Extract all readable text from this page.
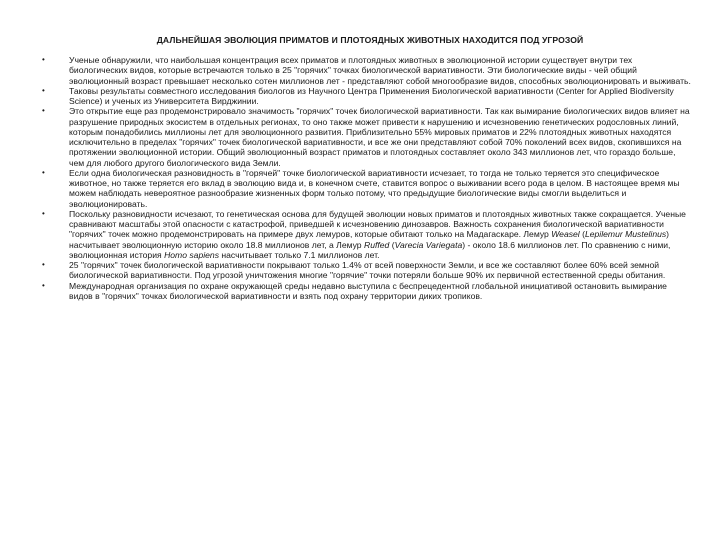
ДАЛЬНЕЙШАЯ ЭВОЛЮЦИЯ ПРИМАТОВ И ПЛОТОЯДНЫХ ЖИВОТНЫХ НАХОДИТСЯ ПОД УГРОЗОЙ
•	Ученые обнаружили, что наибольшая концентрация всех приматов и плотоядных животных в эволюционной истории существует внутри тех биологических видов, которые встречаются только в 25 "горячих" точках биологической вариативности. Эти биологические виды - чей общий эволюционный возраст превышает несколько сотен миллионов лет - представляют собой многообразие видов, способных эволюционировать и выживать.

•	Таковы результаты совместного исследования биологов из Научного Центра Применения Биологической вариативности (Center for Applied Biodiversity Science) и ученых из Университета Вирджинии.

•	Это открытие еще раз продемонстрировало значимость "горячих" точек биологической вариативности. Так как вымирание биологических видов влияет на разрушение природных экосистем в отдельных регионах, то оно также может привести к нарушению и исчезновению генетических родословных линий, которым понадобились миллионы лет для эволюционного развития. Приблизительно 55% мировых приматов и 22% плотоядных животных находятся исключительно в пределах "горячих" точек биологической вариативности, и все же они представляют собой 70% поколений всех видов, скопившихся на протяжении эволюционной истории. Общий эволюционный возраст приматов и плотоядных составляет около 343 миллионов лет, что гораздо больше, чем для любого другого биологического вида Земли.

•	Если одна биологическая разновидность в "горячей" точке биологической вариативности исчезает, то тогда не только теряется это специфическое животное, но также теряется его вклад в эволюцию вида и, в конечном счете, ставится вопрос о выживании всего рода в целом. В настоящее время мы можем наблюдать невероятное разнообразие жизненных форм только потому, что предыдущие биологические виды смогли выделиться и эволюционировать.

•	Поскольку разновидности исчезают, то генетическая основа для будущей эволюции новых приматов и плотоядных животных также сокращается. Ученые сравнивают масштабы этой опасности с катастрофой, приведшей к исчезновению динозавров. Важность сохранения биологической вариативности "горячих" точек можно продемонстрировать на примере двух лемуров, которые обитают только на Мадагаскаре. Лемур Weasel (Lepilemur Mustelinus) насчитывает эволюционную историю около 18.8 миллионов лет, а Лемур Ruffed (Varecia Variegata) - около 18.6 миллионов лет. По сравнению с ними, эволюционная история Homo sapiens насчитывает только 7.1 миллионов лет.

•	25 "горячих" точек биологической вариативности покрывают только 1.4% от всей поверхности Земли, и все же составляют более 60% всей земной биологической вариативности. Под угрозой уничтожения многие "горячие" точки потеряли больше 90% их первичной естественной среды обитания.

•	Международная организация по охране окружающей среды недавно выступила с беспрецедентной глобальной инициативой остановить вымирание видов в "горячих" точках биологической вариативности и взять под охрану территории диких тропиков.
